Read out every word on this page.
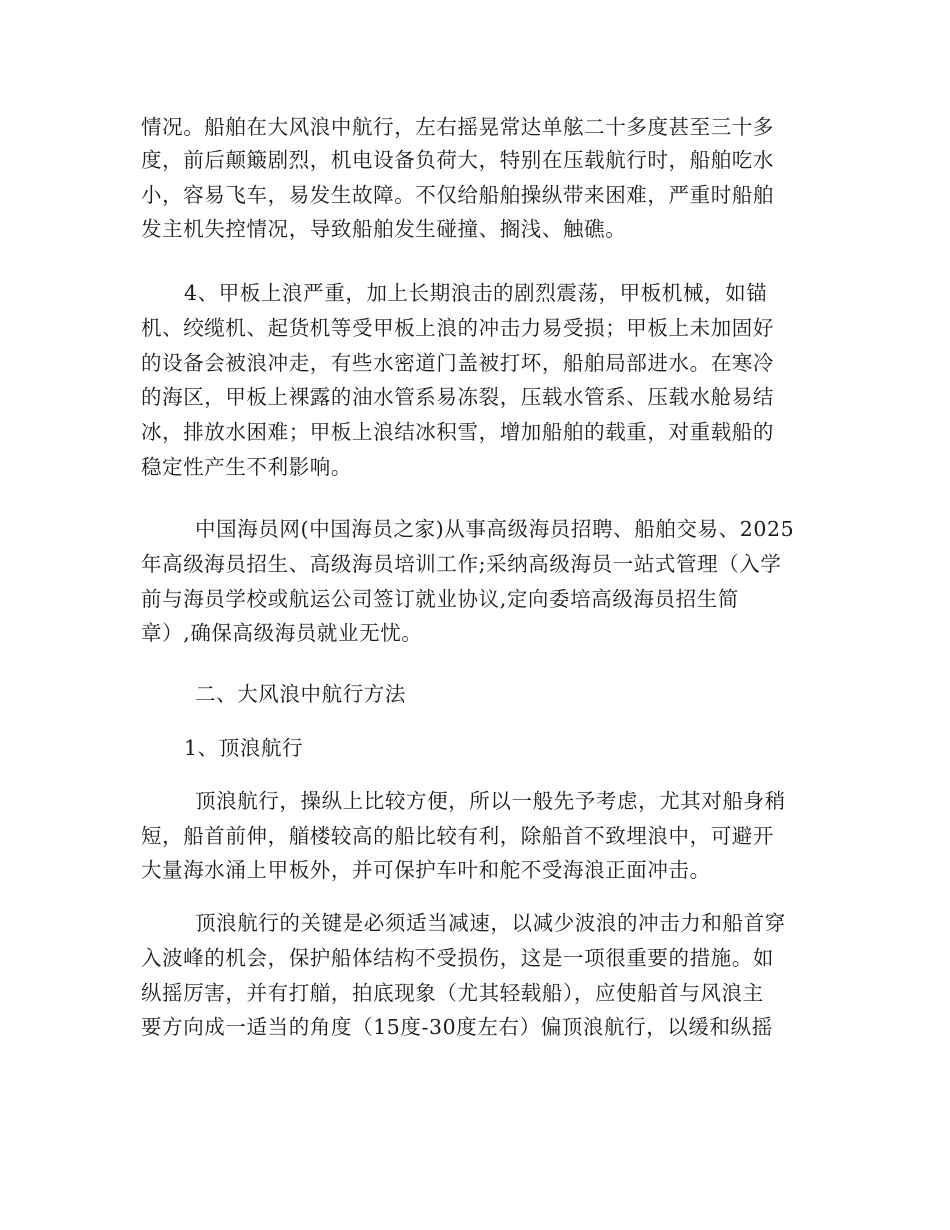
情况。船舶在大风浪中航行，左右摇晃常达单舷二十多度甚至三十多
度，前后颠簸剧烈，机电设备负荷大，特别在压载航行时，船舶吃水
小，容易飞车，易发生故障。不仅给船舶操纵带来困难，严重时船舶
发主机失控情况，导致船舶发生碰撞、搁浅、触礁。
4、甲板上浪严重，加上长期浪击的剧烈震荡，甲板机械，如锚
机、绞缆机、起货机等受甲板上浪的冲击力易受损；甲板上未加固好
的设备会被浪冲走，有些水密道门盖被打坏，船舶局部进水。在寒冷
的海区，甲板上裸露的油水管系易冻裂，压载水管系、压载水舱易结
冰，排放水困难；甲板上浪结冰积雪，增加船舶的载重，对重载船的
稳定性产生不利影响。
中国海员网(中国海员之家)从事高级海员招聘、船舶交易、2025
年高级海员招生、高级海员培训工作;采纳高级海员一站式管理（入学
前与海员学校或航运公司签订就业协议,定向委培高级海员招生简
章）,确保高级海员就业无忧。
二、大风浪中航行方法
1、顶浪航行
顶浪航行，操纵上比较方便，所以一般先予考虑，尤其对船身稍
短，船首前伸，艏楼较高的船比较有利，除船首不致埋浪中，可避开
大量海水涌上甲板外，并可保护车叶和舵不受海浪正面冲击。
顶浪航行的关键是必须适当减速，以减少波浪的冲击力和船首穿
入波峰的机会，保护船体结构不受损伤，这是一项很重要的措施。如
纵摇厉害，并有打艏，拍底现象（尤其轻载船），应使船首与风浪主
要方向成一适当的角度（15度-30度左右）偏顶浪航行，以缓和纵摇
